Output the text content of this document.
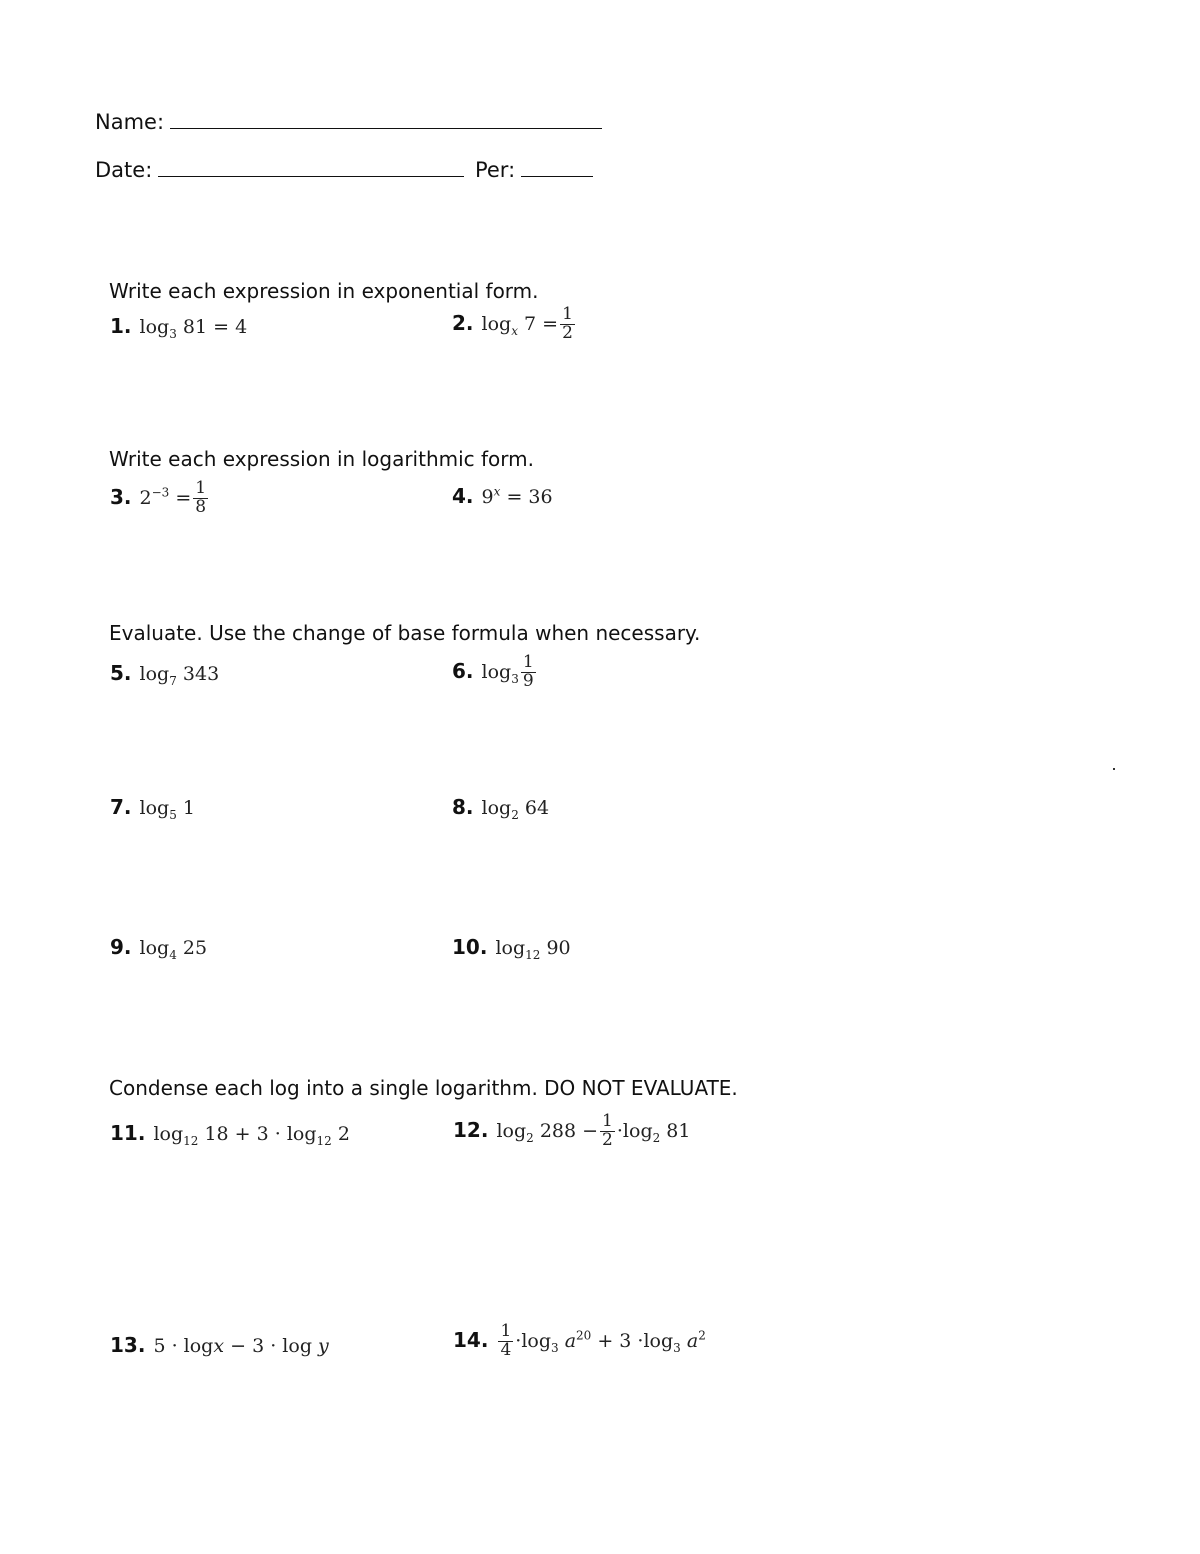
Name:
Date:	Per:
Write each expression in exponential form.
1. $\log_3 81 = 4$	2. $\log_x 7 = \frac{1}{2}$
Write each expression in logarithmic form.
3. $2^{-3} = \frac{1}{8}$	4. $9^x = 36$
Evaluate. Use the change of base formula when necessary.
5. $\log_7 343$	6. $\log_3 \frac{1}{9}$
7. $\log_5 1$	8. $\log_2 64$
9. $\log_4 25$	10. $\log_{12} 90$
Condense each log into a single logarithm. DO NOT EVALUATE.
11. $\log_{12} 18 + 3 \cdot \log_{12} 2$	12. $\log_2 288 - \frac{1}{2} \cdot\log_2$ 81
13. 5 · logx − 3 · log y	14. $\frac{1}{4} \cdot\log_3$ $a^{20} + 3 \cdot\log_3$ $a^2$
